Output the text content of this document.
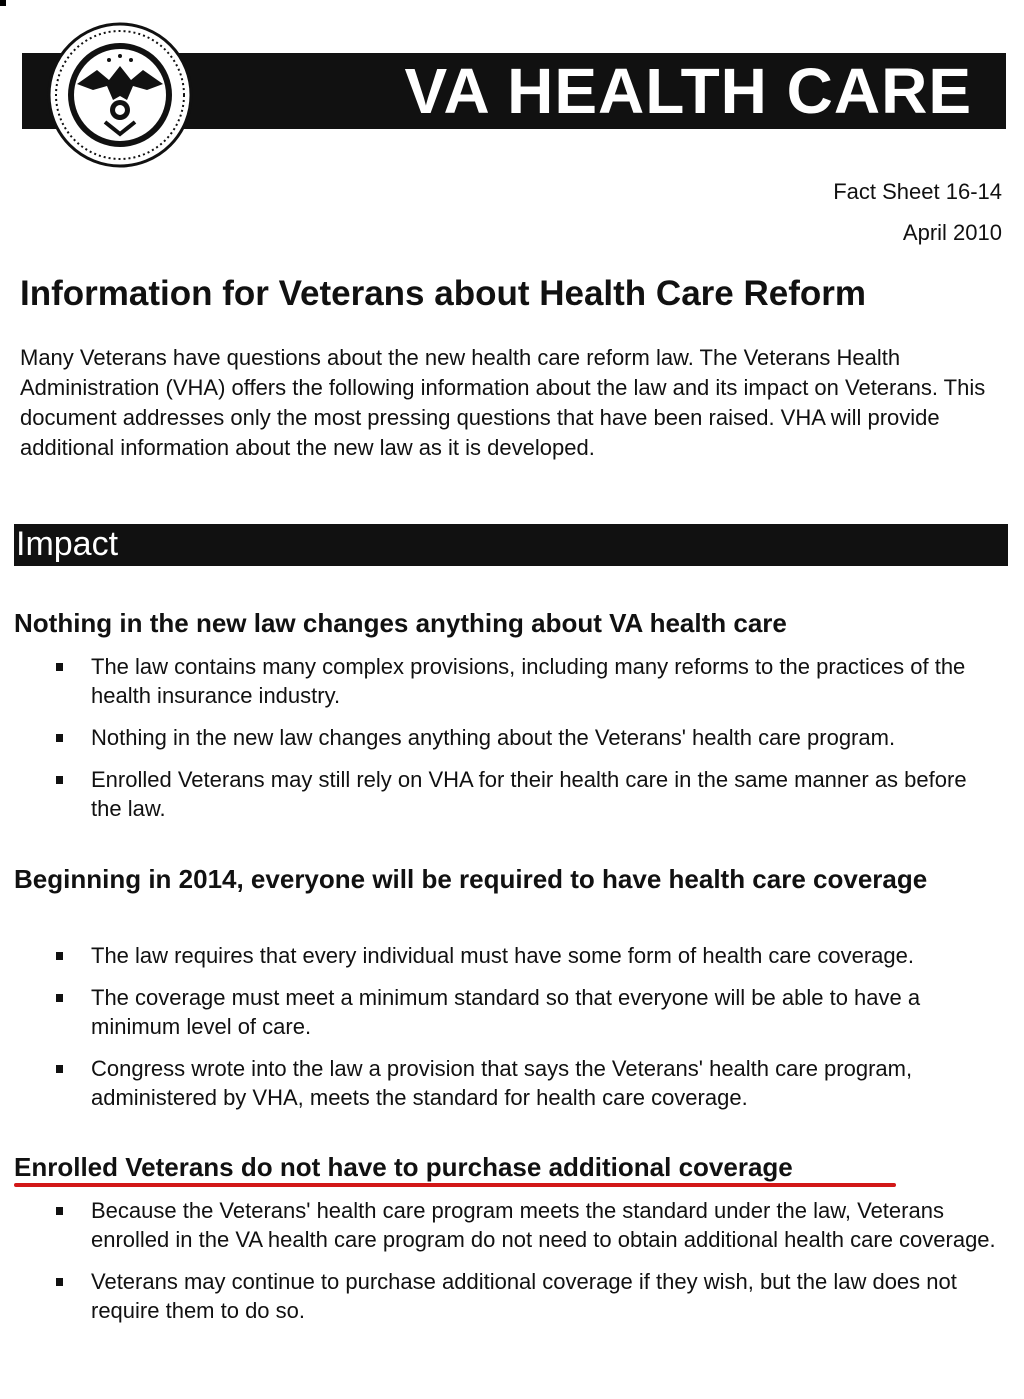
VA HEALTH CARE
Fact Sheet 16-14
April 2010
Information for Veterans about Health Care Reform

Many Veterans have questions about the new health care reform law. The Veterans Health Administration (VHA) offers the following information about the law and its impact on Veterans. This document addresses only the most pressing questions that have been raised. VHA will provide additional information about the new law as it is developed.

Impact
Nothing in the new law changes anything about VA health care
The law contains many complex provisions, including many reforms to the practices of the health insurance industry.
Nothing in the new law changes anything about the Veterans' health care program.
Enrolled Veterans may still rely on VHA for their health care in the same manner as before the law.
Beginning in 2014, everyone will be required to have health care coverage
The law requires that every individual must have some form of health care coverage.
The coverage must meet a minimum standard so that everyone will be able to have a minimum level of care.
Congress wrote into the law a provision that says the Veterans' health care program, administered by VHA, meets the standard for health care coverage.
Enrolled Veterans do not have to purchase additional coverage
Because the Veterans' health care program meets the standard under the law, Veterans enrolled in the VA health care program do not need to obtain additional health care coverage.
Veterans may continue to purchase additional coverage if they wish, but the law does not require them to do so.
